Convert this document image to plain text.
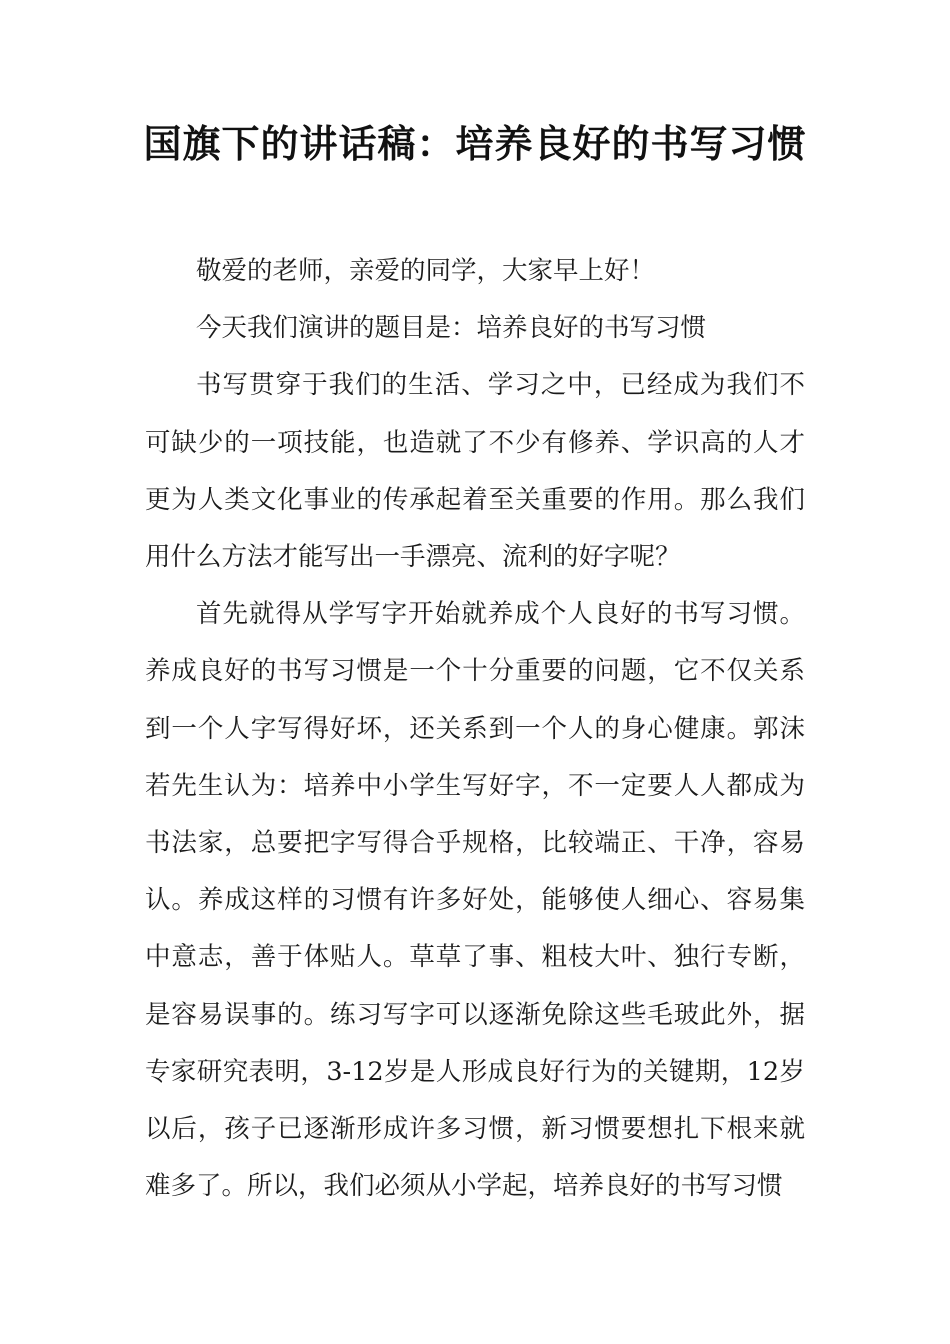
国旗下的讲话稿：培养良好的书写习惯

敬爱的老师，亲爱的同学，大家早上好！

今天我们演讲的题目是：培养良好的书写习惯

书写贯穿于我们的生活、学习之中，已经成为我们不可缺少的一项技能，也造就了不少有修养、学识高的人才更为人类文化事业的传承起着至关重要的作用。那么我们用什么方法才能写出一手漂亮、流利的好字呢？

首先就得从学写字开始就养成个人良好的书写习惯。养成良好的书写习惯是一个十分重要的问题，它不仅关系到一个人字写得好坏，还关系到一个人的身心健康。郭沫若先生认为：培养中小学生写好字，不一定要人人都成为书法家，总要把字写得合乎规格，比较端正、干净，容易认。养成这样的习惯有许多好处，能够使人细心、容易集中意志，善于体贴人。草草了事、粗枝大叶、独行专断，是容易误事的。练习写字可以逐渐免除这些毛玻此外，据专家研究表明，3-12岁是人形成良好行为的关键期，12岁以后，孩子已逐渐形成许多习惯，新习惯要想扎下根来就难多了。所以，我们必须从小学起，培养良好的书写习惯
